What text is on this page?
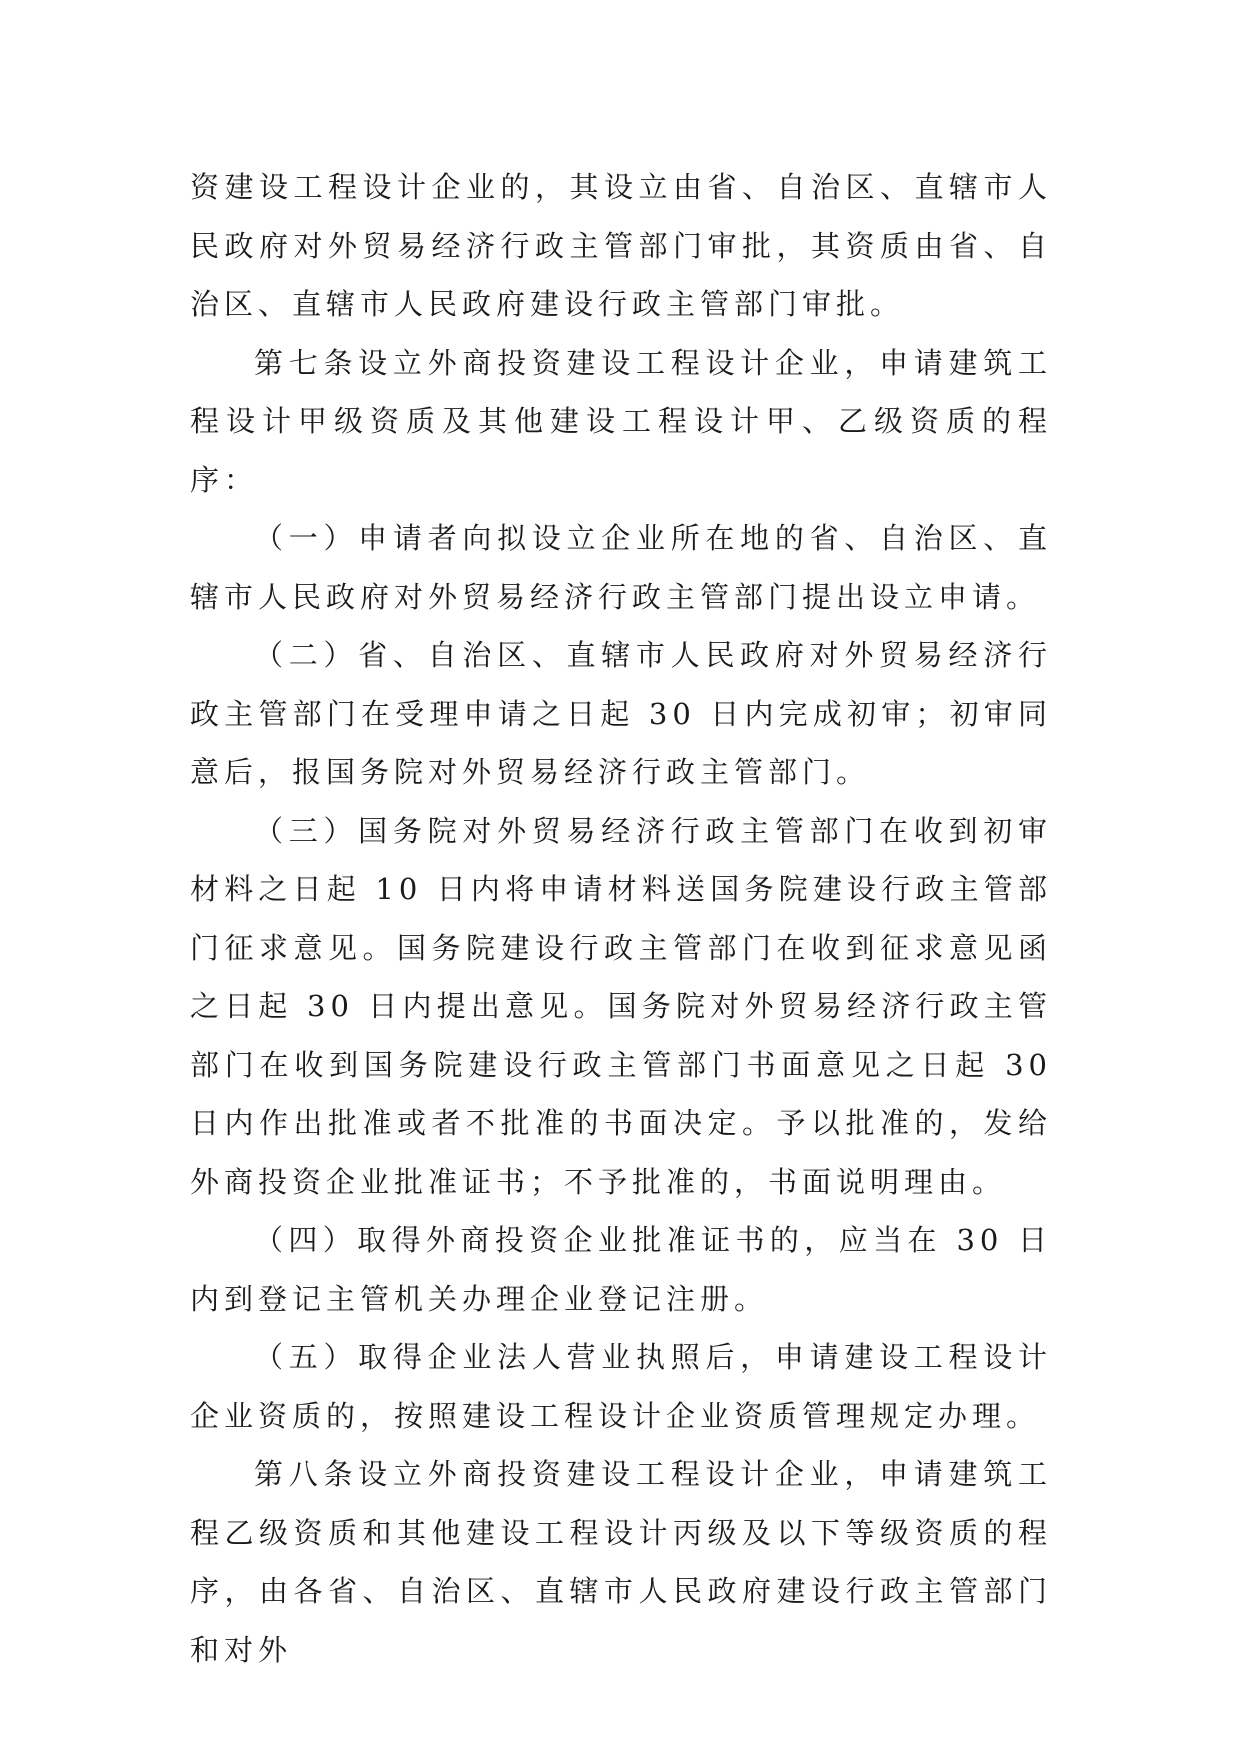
资建设工程设计企业的，其设立由省、自治区、直辖市人民政府对外贸易经济行政主管部门审批，其资质由省、自治区、直辖市人民政府建设行政主管部门审批。

第七条设立外商投资建设工程设计企业，申请建筑工程设计甲级资质及其他建设工程设计甲、乙级资质的程序：

（一）申请者向拟设立企业所在地的省、自治区、直辖市人民政府对外贸易经济行政主管部门提出设立申请。

（二）省、自治区、直辖市人民政府对外贸易经济行政主管部门在受理申请之日起 30 日内完成初审；初审同意后，报国务院对外贸易经济行政主管部门。

（三）国务院对外贸易经济行政主管部门在收到初审材料之日起 10 日内将申请材料送国务院建设行政主管部门征求意见。国务院建设行政主管部门在收到征求意见函之日起 30 日内提出意见。国务院对外贸易经济行政主管部门在收到国务院建设行政主管部门书面意见之日起 30 日内作出批准或者不批准的书面决定。予以批准的，发给外商投资企业批准证书；不予批准的，书面说明理由。

（四）取得外商投资企业批准证书的，应当在 30 日内到登记主管机关办理企业登记注册。

（五）取得企业法人营业执照后，申请建设工程设计企业资质的，按照建设工程设计企业资质管理规定办理。

第八条设立外商投资建设工程设计企业，申请建筑工程乙级资质和其他建设工程设计丙级及以下等级资质的程序，由各省、自治区、直辖市人民政府建设行政主管部门和对外
